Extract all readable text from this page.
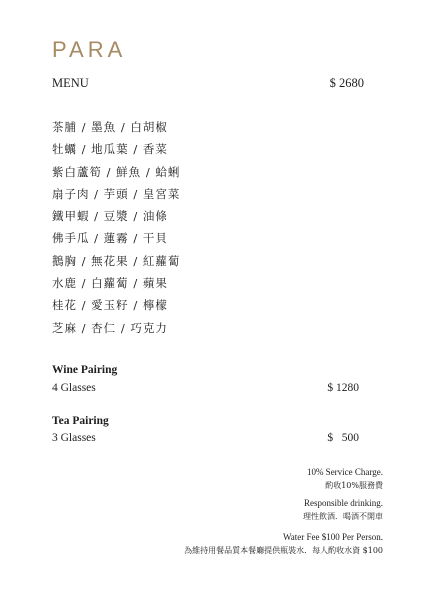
PARA
MENU	$ 2680
茶脯 / 墨魚 / 白胡椒
牡蠣 / 地瓜葉 / 香菜
紫白蘆筍 / 鮮魚 / 蛤蜊
扇子肉 / 芋頭 / 皇宮菜
鐵甲蝦 / 豆漿 / 油條
佛手瓜 / 蓮霧 / 干貝
鵝胸 / 無花果 / 紅蘿蔔
水鹿 / 白蘿蔔 / 蘋果
桂花 / 愛玉籽 / 檸檬
芝麻 / 杏仁 / 巧克力
Wine Pairing
4 Glasses	$ 1280
Tea Pairing
3 Glasses	$   500
10% Service Charge.
酌收10%服務費
Responsible drinking.
理性飲酒．喝酒不開車
Water Fee $100 Per Person.
為維持用餐品質本餐廳提供瓶裝水．每人酌收水資 $100
